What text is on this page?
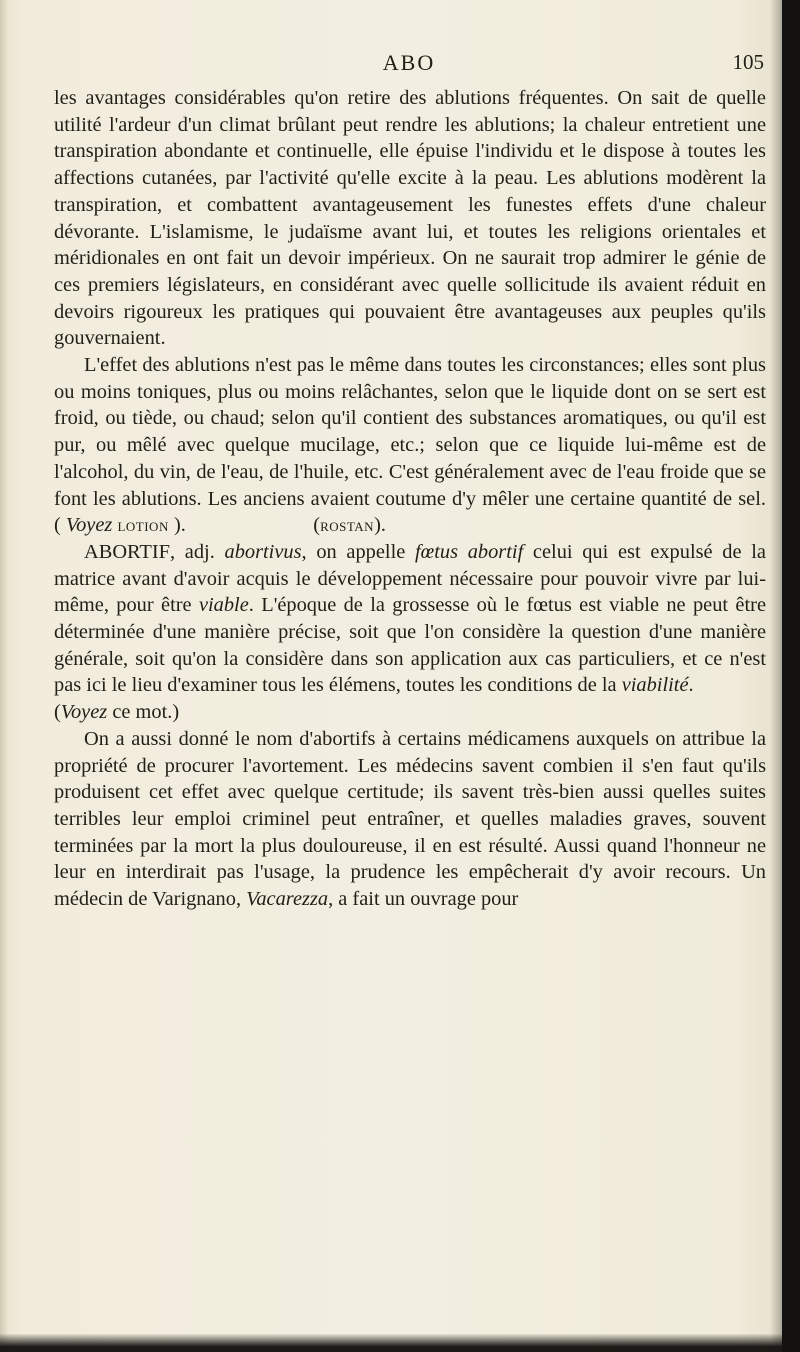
ABO	105

les avantages considérables qu'on retire des ablutions fréquentes. On sait de quelle utilité l'ardeur d'un climat brûlant peut rendre les ablutions; la chaleur entretient une transpiration abondante et continuelle, elle épuise l'individu et le dispose à toutes les affections cutanées, par l'activité qu'elle excite à la peau. Les ablutions modèrent la transpiration, et combattent avantageusement les funestes effets d'une chaleur dévorante. L'islamisme, le judaïsme avant lui, et toutes les religions orientales et méridionales en ont fait un devoir impérieux. On ne saurait trop admirer le génie de ces premiers législateurs, en considérant avec quelle sollicitude ils avaient réduit en devoirs rigoureux les pratiques qui pouvaient être avantageuses aux peuples qu'ils gouvernaient.

L'effet des ablutions n'est pas le même dans toutes les circonstances; elles sont plus ou moins toniques, plus ou moins relâchantes, selon que le liquide dont on se sert est froid, ou tiède, ou chaud; selon qu'il contient des substances aromatiques, ou qu'il est pur, ou mêlé avec quelque mucilage, etc.; selon que ce liquide lui-même est de l'alcohol, du vin, de l'eau, de l'huile, etc. C'est généralement avec de l'eau froide que se font les ablutions. Les anciens avaient coutume d'y mêler une certaine quantité de sel. ( Voyez lotion ).      	(rostan).

ABORTIF, adj. abortivus, on appelle fœtus abortif celui qui est expulsé de la matrice avant d'avoir acquis le développement nécessaire pour pouvoir vivre par lui-même, pour être viable. L'époque de la grossesse où le fœtus est viable ne peut être déterminée d'une manière précise, soit que l'on considère la question d'une manière générale, soit qu'on la considère dans son application aux cas particuliers, et ce n'est pas ici le lieu d'examiner tous les élémens, toutes les conditions de la viabilité.
(Voyez ce mot.)

On a aussi donné le nom d'abortifs à certains médicamens auxquels on attribue la propriété de procurer l'avortement. Les médecins savent combien il s'en faut qu'ils produisent cet effet avec quelque certitude; ils savent très-bien aussi quelles suites terribles leur emploi criminel peut entraîner, et quelles maladies graves, souvent terminées par la mort la plus douloureuse, il en est résulté. Aussi quand l'honneur ne leur en interdirait pas l'usage, la prudence les empêcherait d'y avoir recours. Un médecin de Varignano, Vacarezza, a fait un ouvrage pour
